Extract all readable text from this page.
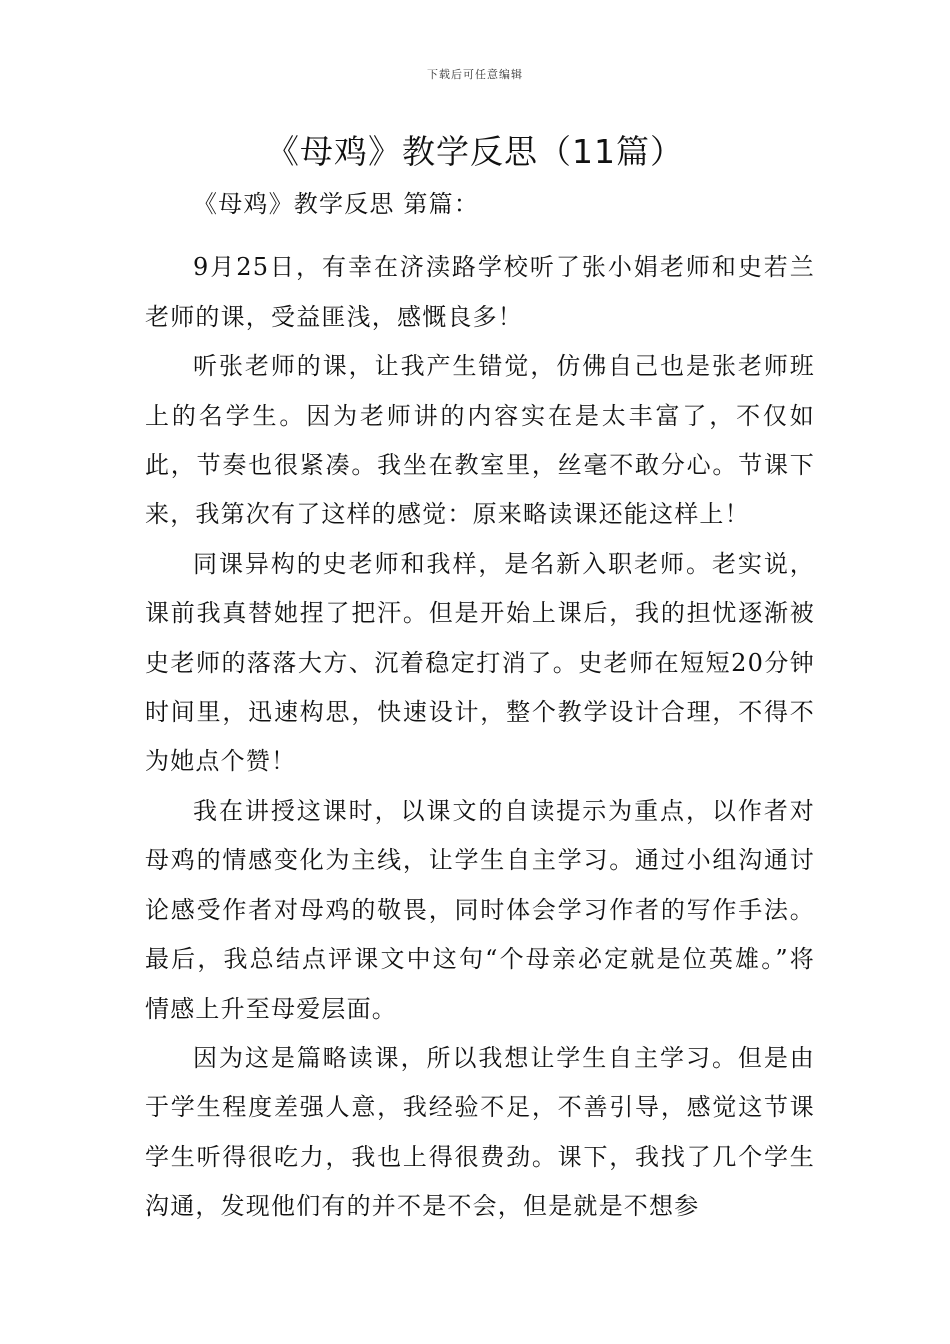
下载后可任意编辑
《母鸡》教学反思（11篇）

《母鸡》教学反思 第篇：

9月25日，有幸在济渎路学校听了张小娟老师和史若兰老师的课，受益匪浅，感慨良多！

听张老师的课，让我产生错觉，仿佛自己也是张老师班上的名学生。因为老师讲的内容实在是太丰富了，不仅如此，节奏也很紧凑。我坐在教室里，丝毫不敢分心。节课下来，我第次有了这样的感觉：原来略读课还能这样上！

同课异构的史老师和我样，是名新入职老师。老实说，课前我真替她捏了把汗。但是开始上课后，我的担忧逐渐被史老师的落落大方、沉着稳定打消了。史老师在短短20分钟时间里，迅速构思，快速设计，整个教学设计合理，不得不为她点个赞！

我在讲授这课时，以课文的自读提示为重点，以作者对母鸡的情感变化为主线，让学生自主学习。通过小组沟通讨论感受作者对母鸡的敬畏，同时体会学习作者的写作手法。最后，我总结点评课文中这句“个母亲必定就是位英雄。”将情感上升至母爱层面。

因为这是篇略读课，所以我想让学生自主学习。但是由于学生程度差强人意，我经验不足，不善引导，感觉这节课学生听得很吃力，我也上得很费劲。课下，我找了几个学生沟通，发现他们有的并不是不会，但是就是不想参
